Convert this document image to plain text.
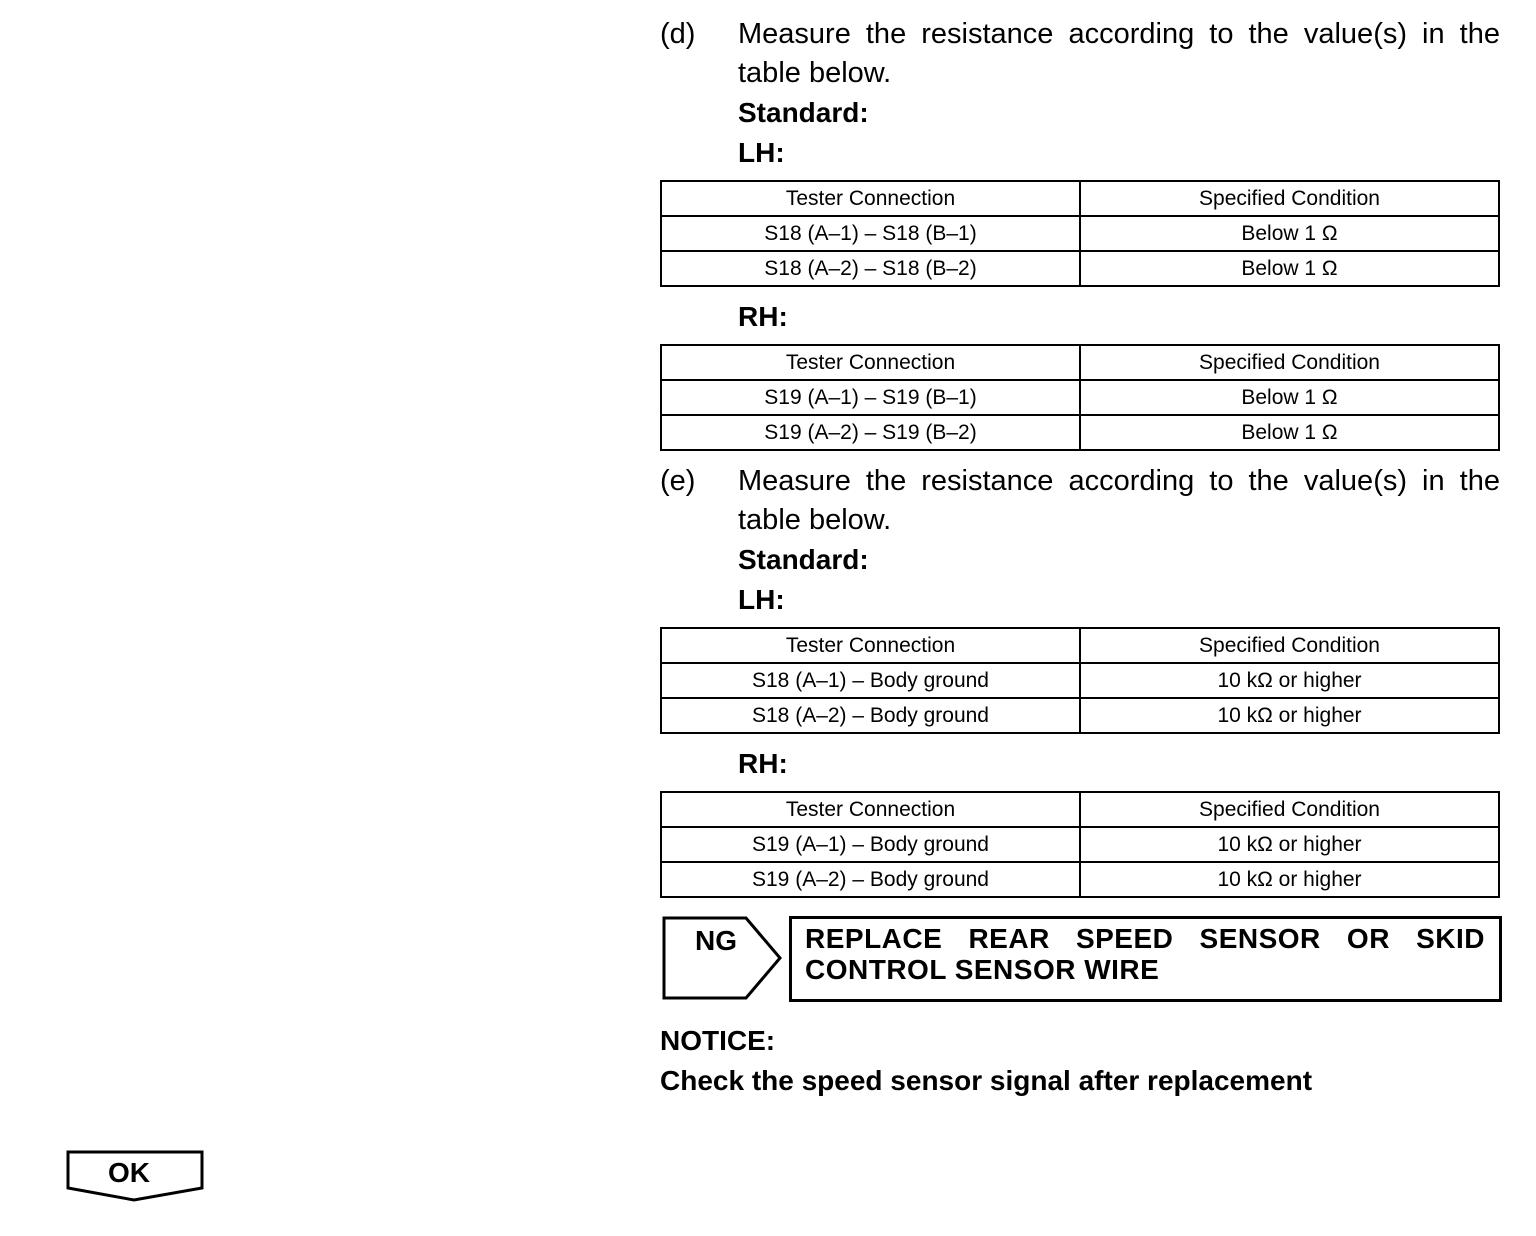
(d) Measure the resistance according to the value(s) in the table below.
Standard:
LH:
Tester Connection	Specified Condition
S18 (A–1) – S18 (B–1)	Below 1 Ω
S18 (A–2) – S18 (B–2)	Below 1 Ω
RH:
Tester Connection	Specified Condition
S19 (A–1) – S19 (B–1)	Below 1 Ω
S19 (A–2) – S19 (B–2)	Below 1 Ω
(e) Measure the resistance according to the value(s) in the table below.
Standard:
LH:
Tester Connection	Specified Condition
S18 (A–1) – Body ground	10 kΩ or higher
S18 (A–2) – Body ground	10 kΩ or higher
RH:
Tester Connection	Specified Condition
S19 (A–1) – Body ground	10 kΩ or higher
S19 (A–2) – Body ground	10 kΩ or higher
NG REPLACE REAR SPEED SENSOR OR SKID CONTROL SENSOR WIRE
NOTICE:
Check the speed sensor signal after replacement
OK
